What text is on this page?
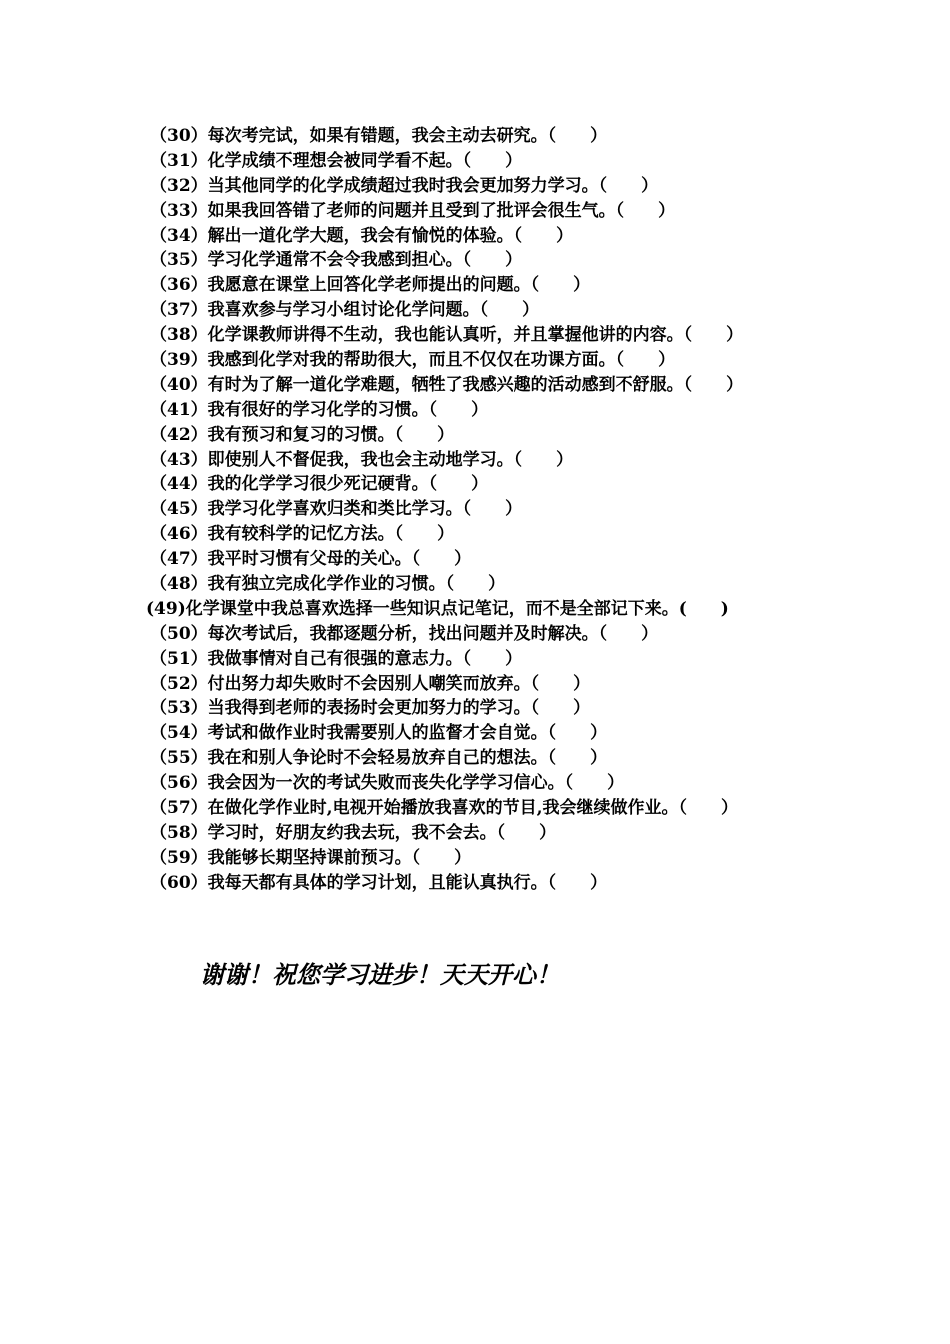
（30）每次考完试，如果有错题，我会主动去研究。（　　）
（31）化学成绩不理想会被同学看不起。（　　）
（32）当其他同学的化学成绩超过我时我会更加努力学习。（　　）
（33）如果我回答错了老师的问题并且受到了批评会很生气。（　　）
（34）解出一道化学大题，我会有愉悦的体验。（　　）
（35）学习化学通常不会令我感到担心。（　　）
（36）我愿意在课堂上回答化学老师提出的问题。（　　）
（37）我喜欢参与学习小组讨论化学问题。（　　）
（38）化学课教师讲得不生动，我也能认真听，并且掌握他讲的内容。（　　）
（39）我感到化学对我的帮助很大，而且不仅仅在功课方面。（　　）
（40）有时为了解一道化学难题，牺牲了我感兴趣的活动感到不舒服。（　　）
（41）我有很好的学习化学的习惯。（　　）
（42）我有预习和复习的习惯。（　　）
（43）即使别人不督促我，我也会主动地学习。（　　）
（44）我的化学学习很少死记硬背。（　　）
（45）我学习化学喜欢归类和类比学习。（　　）
（46）我有较科学的记忆方法。（　　）
（47）我平时习惯有父母的关心。（　　）
（48）我有独立完成化学作业的习惯。（　　）
(49)化学课堂中我总喜欢选择一些知识点记笔记，而不是全部记下来。(　　)
（50）每次考试后，我都逐题分析，找出问题并及时解决。（　　）
（51）我做事情对自己有很强的意志力。（　　）
（52）付出努力却失败时不会因别人嘲笑而放弃。（　　）
（53）当我得到老师的表扬时会更加努力的学习。（　　）
（54）考试和做作业时我需要别人的监督才会自觉。（　　）
（55）我在和别人争论时不会轻易放弃自己的想法。（　　）
（56）我会因为一次的考试失败而丧失化学学习信心。（　　）
（57）在做化学作业时,电视开始播放我喜欢的节目,我会继续做作业。（　　）
（58）学习时，好朋友约我去玩，我不会去。（　　）
（59）我能够长期坚持课前预习。（　　）
（60）我每天都有具体的学习计划，且能认真执行。（　　）
谢谢！祝您学习进步！天天开心！
